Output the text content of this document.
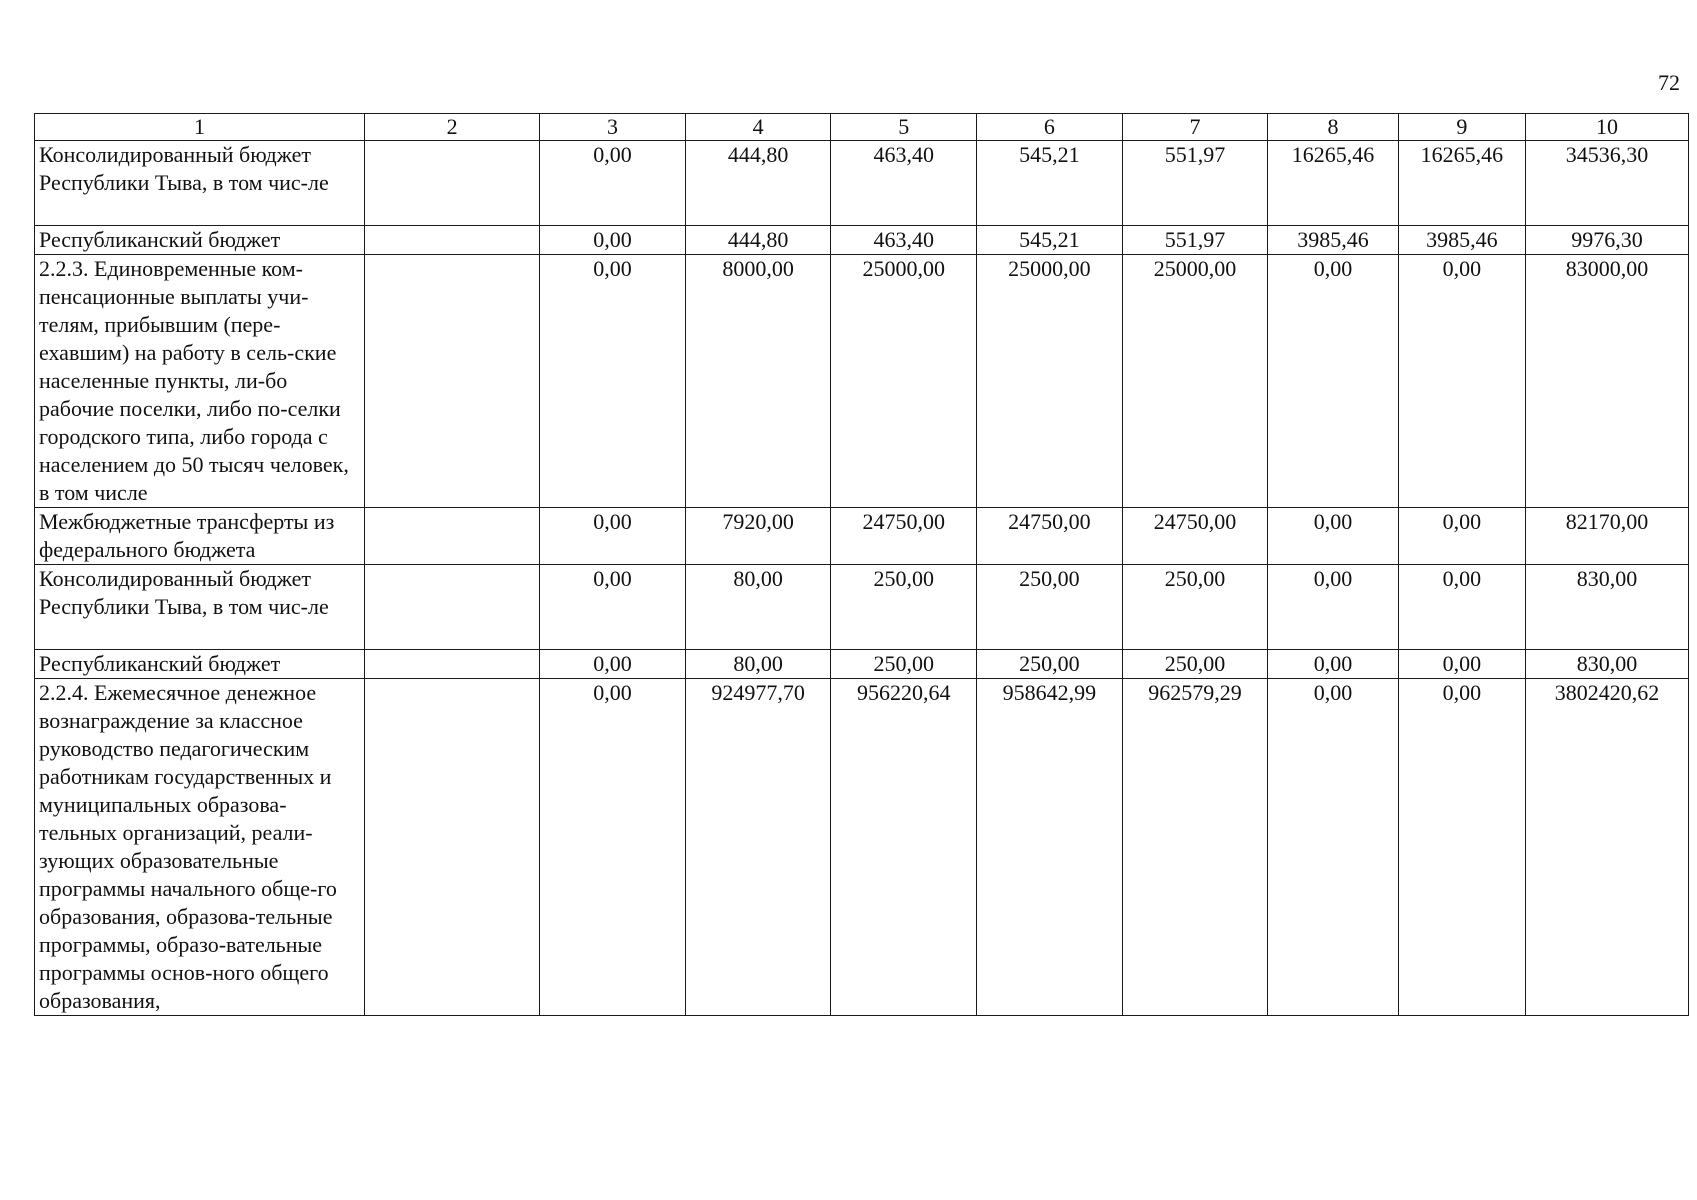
72
1	2	3	4	5	6	7	8	9	10
Консолидированный бюджет Республики Тыва, в том чис-ле		0,00	444,80	463,40	545,21	551,97	16265,46	16265,46	34536,30
Республиканский бюджет		0,00	444,80	463,40	545,21	551,97	3985,46	3985,46	9976,30
2.2.3. Единовременные ком-пенсационные выплаты учи-телям, прибывшим (пере-ехавшим) на работу в сель-ские населенные пункты, ли-бо рабочие поселки, либо по-селки городского типа, либо города с населением до 50 тысяч человек, в том числе		0,00	8000,00	25000,00	25000,00	25000,00	0,00	0,00	83000,00
Межбюджетные трансферты из федерального бюджета		0,00	7920,00	24750,00	24750,00	24750,00	0,00	0,00	82170,00
Консолидированный бюджет Республики Тыва, в том чис-ле		0,00	80,00	250,00	250,00	250,00	0,00	0,00	830,00
Республиканский бюджет		0,00	80,00	250,00	250,00	250,00	0,00	0,00	830,00
2.2.4. Ежемесячное денежное вознаграждение за классное руководство педагогическим работникам государственных и муниципальных образова-тельных организаций, реали-зующих образовательные программы начального обще-го образования, образова-тельные программы, образо-вательные программы основ-ного общего образования,		0,00	924977,70	956220,64	958642,99	962579,29	0,00	0,00	3802420,62
